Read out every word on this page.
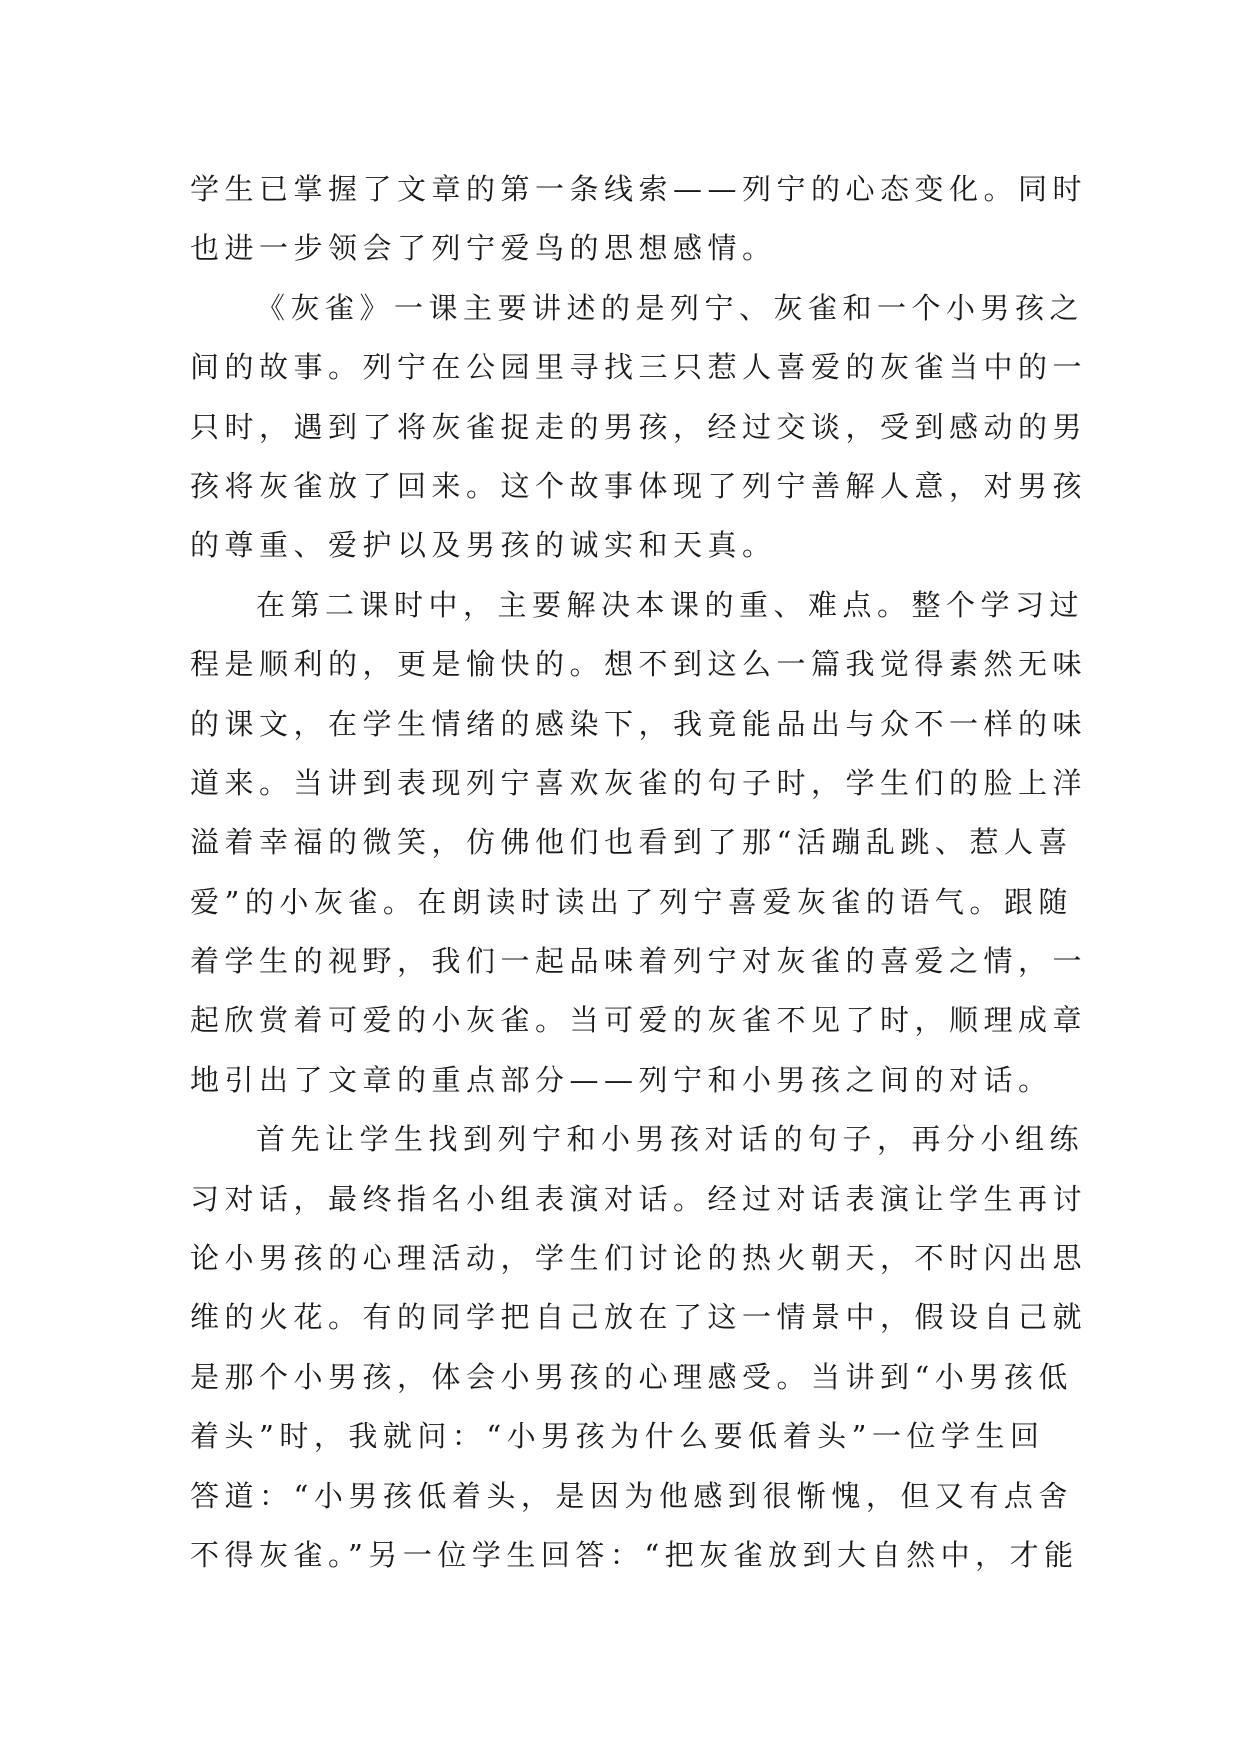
学生已掌握了文章的第一条线索——列宁的心态变化。同时
也进一步领会了列宁爱鸟的思想感情。
《灰雀》一课主要讲述的是列宁、灰雀和一个小男孩之
间的故事。列宁在公园里寻找三只惹人喜爱的灰雀当中的一
只时，遇到了将灰雀捉走的男孩，经过交谈，受到感动的男
孩将灰雀放了回来。这个故事体现了列宁善解人意，对男孩
的尊重、爱护以及男孩的诚实和天真。
在第二课时中，主要解决本课的重、难点。整个学习过
程是顺利的，更是愉快的。想不到这么一篇我觉得素然无味
的课文，在学生情绪的感染下，我竟能品出与众不一样的味
道来。当讲到表现列宁喜欢灰雀的句子时，学生们的脸上洋
溢着幸福的微笑，仿佛他们也看到了那“活蹦乱跳、惹人喜
爱”的小灰雀。在朗读时读出了列宁喜爱灰雀的语气。跟随
着学生的视野，我们一起品味着列宁对灰雀的喜爱之情，一
起欣赏着可爱的小灰雀。当可爱的灰雀不见了时，顺理成章
地引出了文章的重点部分——列宁和小男孩之间的对话。
首先让学生找到列宁和小男孩对话的句子，再分小组练
习对话，最终指名小组表演对话。经过对话表演让学生再讨
论小男孩的心理活动，学生们讨论的热火朝天，不时闪出思
维的火花。有的同学把自己放在了这一情景中，假设自己就
是那个小男孩，体会小男孩的心理感受。当讲到“小男孩低
着头”时，我就问：“小男孩为什么要低着头”一位学生回
答道：“小男孩低着头，是因为他感到很惭愧，但又有点舍
不得灰雀。”另一位学生回答：“把灰雀放到大自然中，才能
